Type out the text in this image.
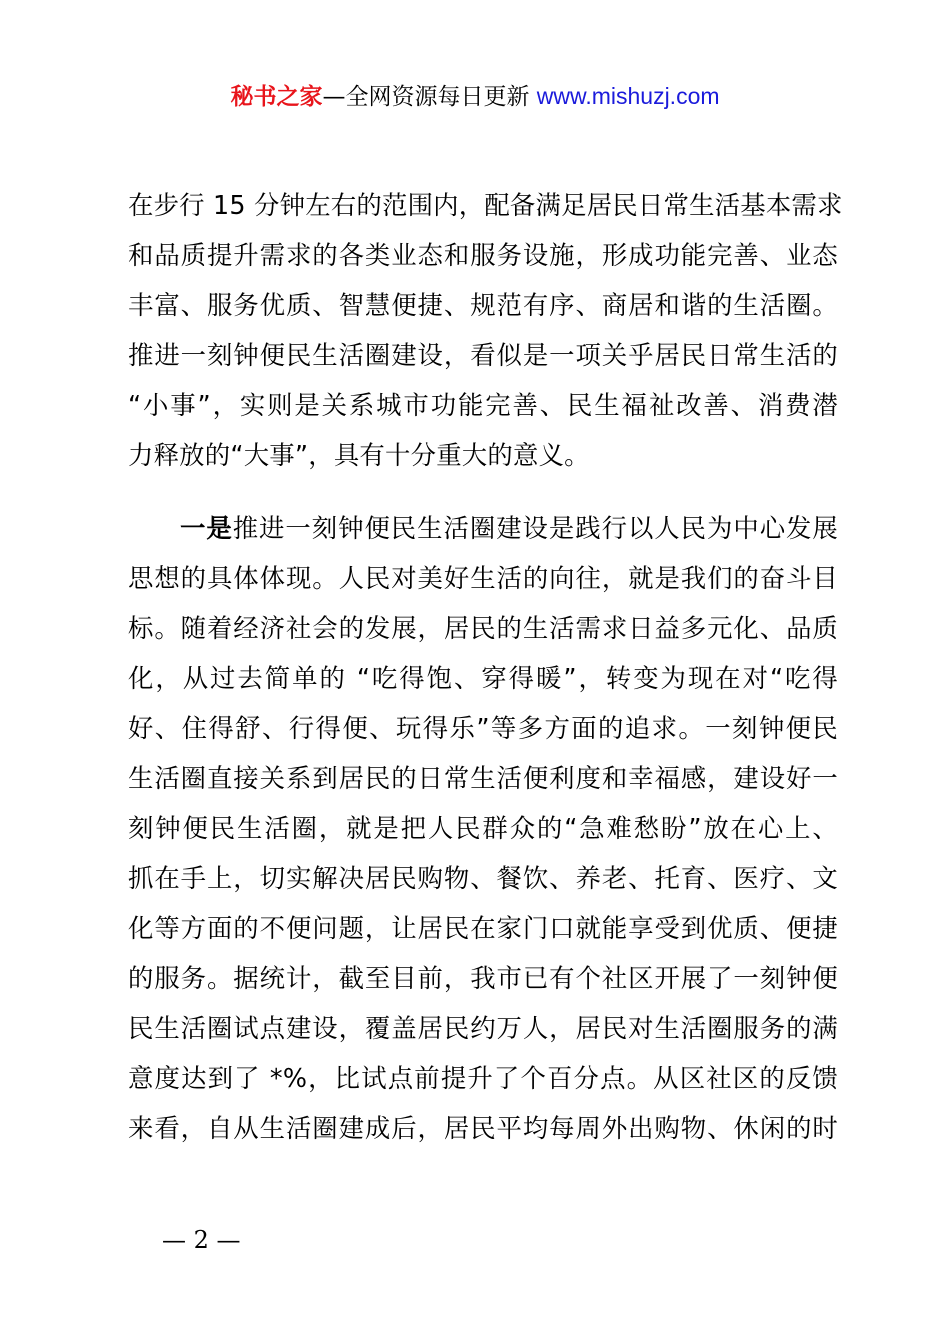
秘书之家—全网资源每日更新 www.mishuzj.com
在步行 15 分钟左右的范围内，配备满足居民日常生活基本需求
和品质提升需求的各类业态和服务设施，形成功能完善、业态
丰富、服务优质、智慧便捷、规范有序、商居和谐的生活圈。
推进一刻钟便民生活圈建设，看似是一项关乎居民日常生活的
“小事”，实则是关系城市功能完善、民生福祉改善、消费潜
力释放的“大事”，具有十分重大的意义。
一是推进一刻钟便民生活圈建设是践行以人民为中心发展
思想的具体体现。人民对美好生活的向往，就是我们的奋斗目
标。随着经济社会的发展，居民的生活需求日益多元化、品质
化，从过去简单的 “吃得饱、穿得暖”，转变为现在对“吃得
好、住得舒、行得便、玩得乐”等多方面的追求。一刻钟便民
生活圈直接关系到居民的日常生活便利度和幸福感，建设好一
刻钟便民生活圈，就是把人民群众的“急难愁盼”放在心上、
抓在手上，切实解决居民购物、餐饮、养老、托育、医疗、文
化等方面的不便问题，让居民在家门口就能享受到优质、便捷
的服务。据统计，截至目前，我市已有个社区开展了一刻钟便
民生活圈试点建设，覆盖居民约万人，居民对生活圈服务的满
意度达到了 *%，比试点前提升了个百分点。从区社区的反馈
来看，自从生活圈建成后，居民平均每周外出购物、休闲的时
— 2 —
